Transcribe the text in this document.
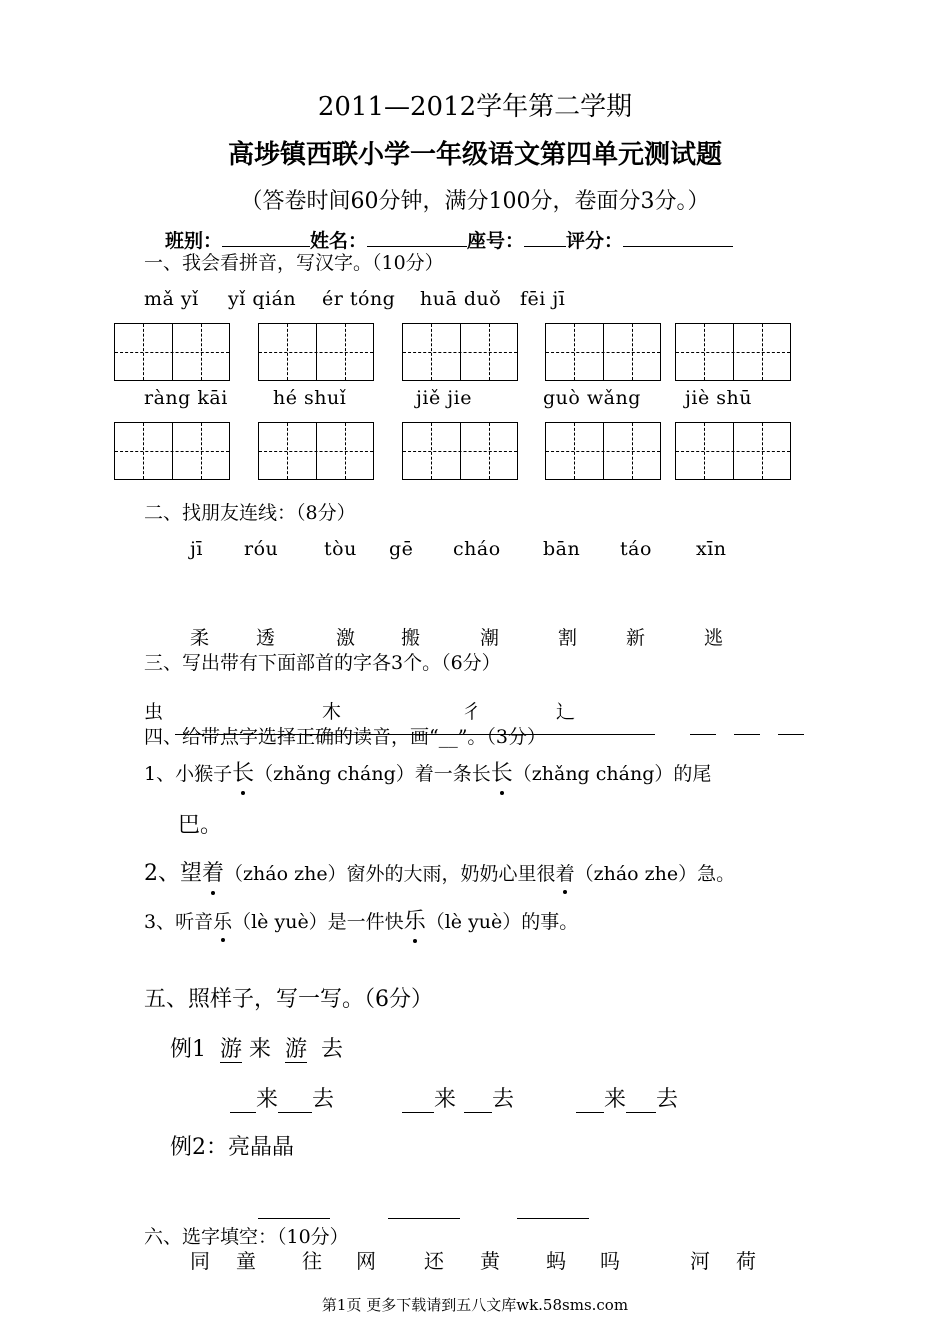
2011—2012学年第二学期
高埗镇西联小学一年级语文第四单元测试题
（答卷时间60分钟，满分100分，卷面分3分。）
班别：	姓名：	座号： 评分：
一、我会看拼音，写汉字。（10分）
mǎ yǐ yǐ qián ér tóng huā duǒ fēi jī
ràng kāi hé shuǐ	jiě jie	guò wǎng jiè shū
二、找朋友连线：（8分）
jī róu tòu gē cháo bān táo xīn
柔 透	激 搬	潮	割	新	逃
三、写出带有下面部首的字各3个。（6分）
虫	木	彳	辶
四、给带点字选择正确的读音，画“__”。（3分）
1、小猴子长（zhǎng cháng）着一条长长（zhǎng cháng）的尾
巴。
2、望着（zháo zhe）窗外的大雨，奶奶心里很着（zháo zhe）急。
3、听音乐（lè yuè）是一件快乐（lè yuè）的事。
五、照样子，写一写。（6分）
例1 游 来 游 去
来 去	来 去	来 去
例2：亮晶晶
六、选字填空：（10分）
同 童 往 网 还 黄 蚂 吗	河 荷
第1页 更多下载请到五八文库wk.58sms.com
